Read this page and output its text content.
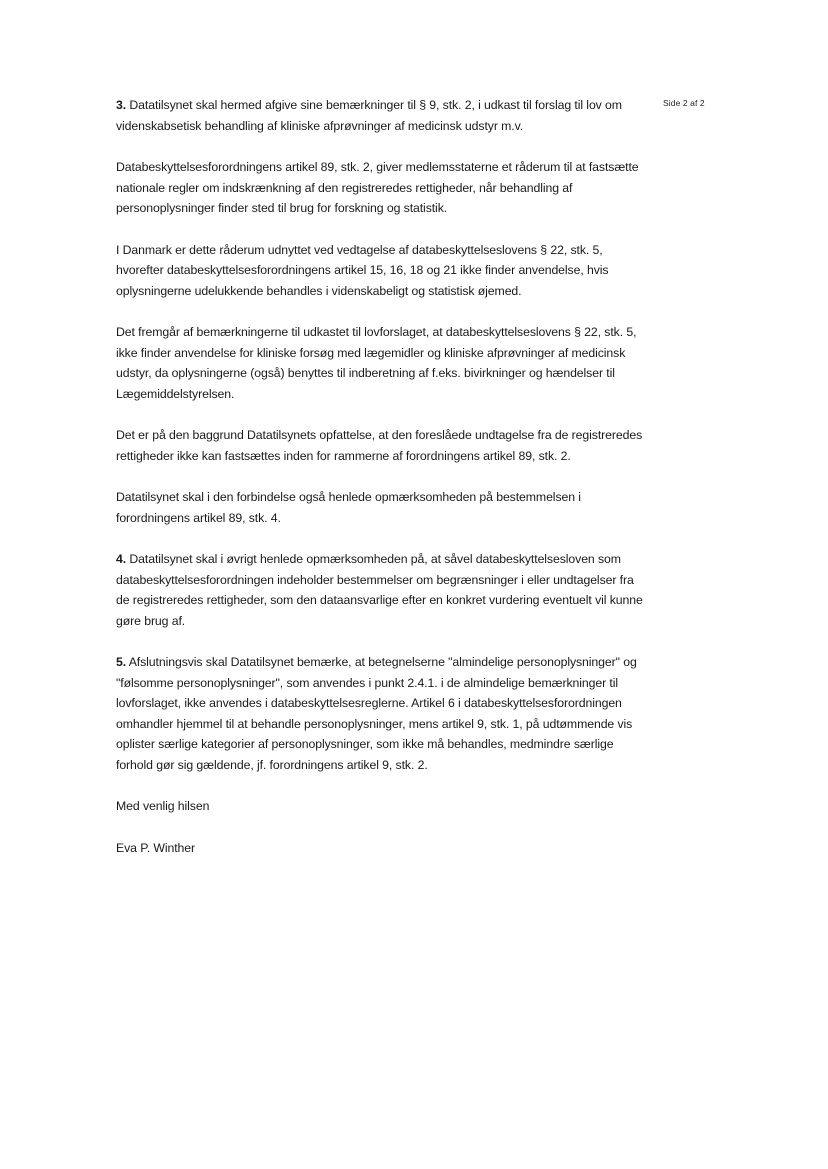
Side 2 af 2

3. Datatilsynet skal hermed afgive sine bemærkninger til § 9, stk. 2, i udkast til forslag til lov om videnskabsetisk behandling af kliniske afprøvninger af medicinsk udstyr m.v.

Databeskyttelsesforordningens artikel 89, stk. 2, giver medlemsstaterne et råderum til at fastsætte nationale regler om indskrænkning af den registreredes rettigheder, når behandling af personoplysninger finder sted til brug for forskning og statistik.

I Danmark er dette råderum udnyttet ved vedtagelse af databeskyttelseslovens § 22, stk. 5, hvorefter databeskyttelsesforordningens artikel 15, 16, 18 og 21 ikke finder anvendelse, hvis oplysningerne udelukkende behandles i videnskabeligt og statistisk øjemed.

Det fremgår af bemærkningerne til udkastet til lovforslaget, at databeskyttelseslovens § 22, stk. 5, ikke finder anvendelse for kliniske forsøg med lægemidler og kliniske afprøvninger af medicinsk udstyr, da oplysningerne (også) benyttes til indberetning af f.eks. bivirkninger og hændelser til Lægemiddelstyrelsen.

Det er på den baggrund Datatilsynets opfattelse, at den foreslåede undtagelse fra de registreredes rettigheder ikke kan fastsættes inden for rammerne af forordningens artikel 89, stk. 2.

Datatilsynet skal i den forbindelse også henlede opmærksomheden på bestemmelsen i forordningens artikel 89, stk. 4.

4. Datatilsynet skal i øvrigt henlede opmærksomheden på, at såvel databeskyttelsesloven som databeskyttelsesforordningen indeholder bestemmelser om begrænsninger i eller undtagelser fra de registreredes rettigheder, som den dataansvarlige efter en konkret vurdering eventuelt vil kunne gøre brug af.

5. Afslutningsvis skal Datatilsynet bemærke, at betegnelserne "almindelige personoplysninger" og "følsomme personoplysninger", som anvendes i punkt 2.4.1. i de almindelige bemærkninger til lovforslaget, ikke anvendes i databeskyttelsesreglerne. Artikel 6 i databeskyttelsesforordningen omhandler hjemmel til at behandle personoplysninger, mens artikel 9, stk. 1, på udtømmende vis oplister særlige kategorier af personoplysninger, som ikke må behandles, medmindre særlige forhold gør sig gældende, jf. forordningens artikel 9, stk. 2.

Med venlig hilsen

Eva P. Winther
